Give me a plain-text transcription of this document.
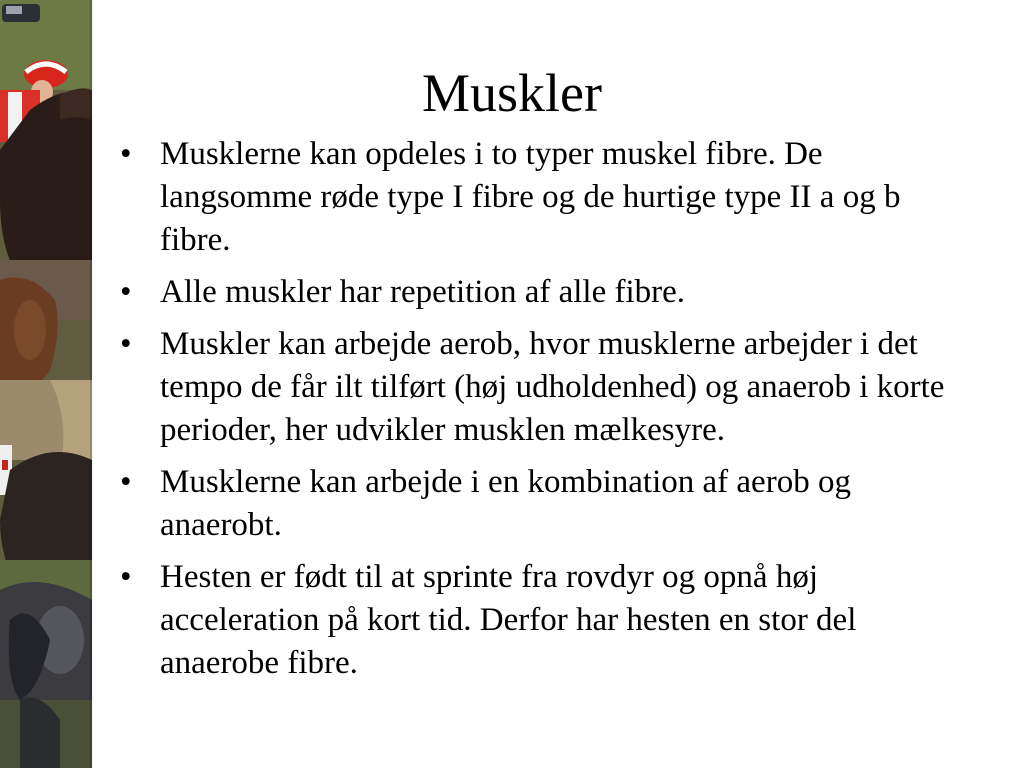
Muskler
• Musklerne kan opdeles i to typer muskel fibre. De langsomme røde type I fibre og de hurtige type II a og b fibre.
• Alle muskler har repetition af alle fibre.
• Muskler kan arbejde aerob, hvor musklerne arbejder i det tempo de får ilt tilført (høj udholdenhed) og anaerob i korte perioder, her udvikler musklen mælkesyre.
• Musklerne kan arbejde i en kombination af aerob og anaerobt.
• Hesten er født til at sprinte fra rovdyr og opnå høj acceleration på kort tid. Derfor har hesten en stor del anaerobe fibre.
